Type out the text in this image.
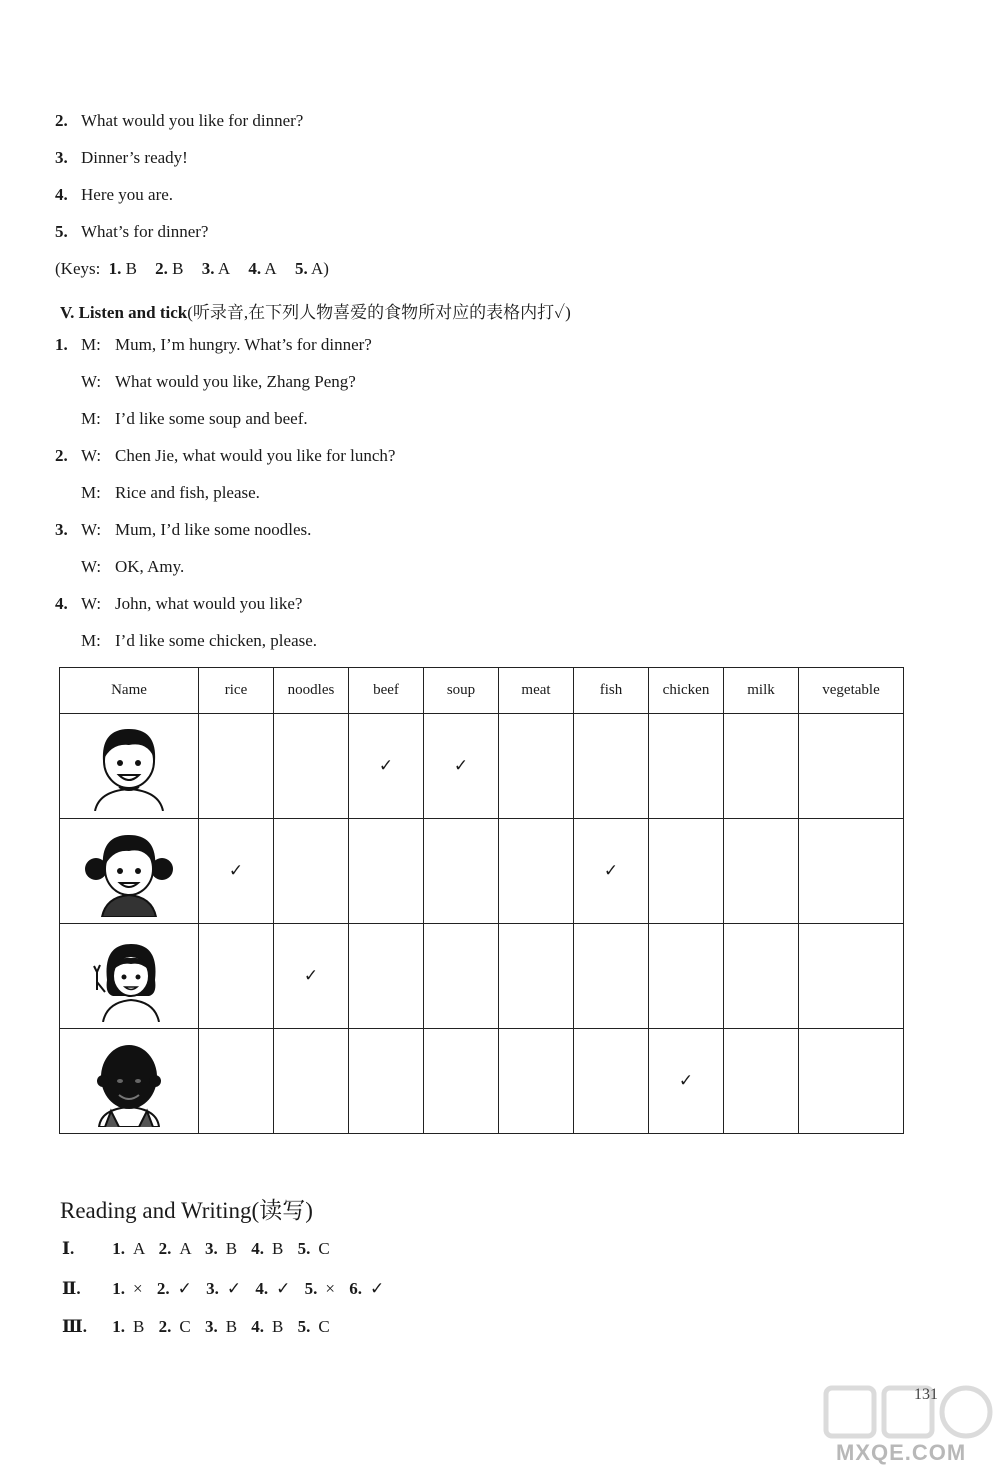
2. What would you like for dinner?
3. Dinner’s ready!
4. Here you are.
5. What’s for dinner?
(Keys: 1. B 2. B 3. A 4. A 5. A)
V. Listen and tick(听录音,在下列人物喜爱的食物所对应的表格内打✓)
1. M: Mum, I’m hungry. What’s for dinner?
W: What would you like, Zhang Peng?
M: I’d like some soup and beef.
2. W: Chen Jie, what would you like for lunch?
M: Rice and fish, please.
3. W: Mum, I’d like some noodles.
W: OK, Amy.
4. W: John, what would you like?
M: I’d like some chicken, please.
Name	rice	noodles	beef	soup	meat	fish	chicken	milk	vegetable

			✓	✓					

	✓					✓			

		✓							

							✓		
Reading and Writing(读写)
Ⅰ. 1. A 2. A 3. B 4. B 5. C
Ⅱ. 1. × 2. ✓ 3. ✓ 4. ✓ 5. × 6. ✓
Ⅲ. 1. B 2. C 3. B 4. B 5. C
131
MXQE.COM
